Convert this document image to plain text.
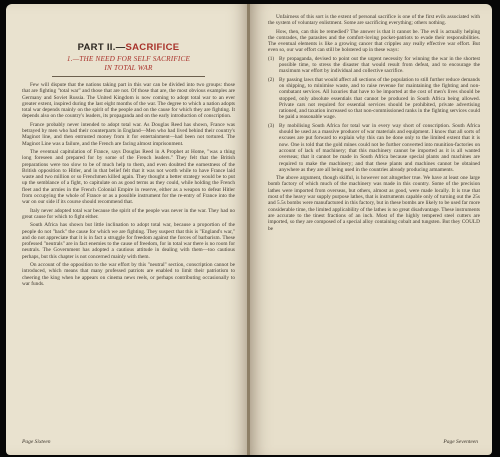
PART II.—SACRIFICE
1.—THE NEED FOR SELF SACRIFICE
IN TOTAL WAR

Few will dispute that the nations taking part in this war can be divided into two groups: those that are fighting "total war" and those that are not. Of those that are, the most obvious examples are Germany and Soviet Russia. The United Kingdom is now coming to adopt total war to an ever greater extent, inspired during the last eight months of the war. The degree to which a nation adopts total war depends mainly on the spirit of the people and on the cause for which they are fighting. It depends also on the country's leaders, its propaganda and on the early introduction of conscription.

France probably never intended to adopt total war. As Douglas Reed has shown, France was betrayed by men who had their counterparts in England—Men who had lived behind their country's Maginot line, and then entrusted money from it for entertainment—had been not tortured. The Maginot Line was a failure, and the French are facing almost imprisonment.

The eventual capitulation of France, says Douglas Reed in A Prophet at Home, "was a thing long foreseen and prepared for by some of the French leaders." They felt that the British preparations were too slow to be of much help to them, and even doubted the earnestness of the British opposition to Hitler, and in that belief felt that it was not worth while to have France laid waste and two million or so Frenchmen killed again. They thought a better strategy would be to put up the semblance of a fight, to capitulate on as good terms as they could, while holding the French fleet and the armies in the French Colonial Empire in reserve, either as a weapon to defeat Hitler from occupying the whole of France or as a possible instrument for the re-entry of France into the war on our side if its course should recommend that.

Italy never adopted total war because the spirit of the people was never in the war. They had no great cause for which to fight either.

South Africa has shown but little inclination to adopt total war, because a proportion of the people do not "back" the cause for which we are fighting. They suspect that this is "England's war," and do not appreciate that it is in fact a struggle for freedom against the forces of barbarism. These professed "neutrals" are in fact enemies to the cause of freedom, for in total war there is no room for neutrals. The Government has adopted a cautious attitude in dealing with them—too cautious perhaps, but this chapter is not concerned mainly with them.

On account of the opposition to the war effort by this "neutral" section, conscription cannot be introduced, which means that many professed patriots are enabled to limit their patriotism to cheering the king when he appears on cinema news reels, or perhaps contributing occasionally to war funds.

Page Sixteen

Unfairness of this sort is the extent of personal sacrifice is one of the first evils associated with the system of voluntary enlistment. Some are sacrificing everything; others nothing.

How, then, can this be remedied? The answer is that it cannot be. The evil is actually helping the comrades, the parasites and the comfort-loving pocket-patriots to evade their responsibilities. The eventual elements is like a growing cancer that cripples any really effective war effort. But even so, our war effort can still be bolstered up in these ways:

(1) By propaganda, devised to point out the urgent necessity for winning the war in the shortest possible time, to stress the disaster that would result from defeat, and to encourage the maximum war effort by individual and collective sacrifice.

(2) By passing laws that would affect all sections of the population to still further reduce demands on shipping, to minimise waste, and to raise revenue for maintaining the fighting and non-combatant services. All luxuries that have to be imported at the cost of men's lives should be stopped, only absolute essentials that cannot be produced in South Africa being allowed. Private cars not required for essential services should be prohibited, private advertising rationed, and taxation increased so that non-commissioned ranks in the fighting services could be paid a reasonable wage.

(3) By mobilising South Africa for total war in every way short of conscription. South Africa should be used as a massive producer of war materials and equipment. I know that all sorts of excuses are put forward to explain why this can be done only to the limited extent that it is now. One is told that the gold mines could not be further converted into munition-factories on account of lack of machinery; that this machinery cannot be imported as it is all wanted overseas; that it cannot be made in South Africa because special plants and machines are required to make the machinery; and that these plants and machines cannot be obtained anywhere as they are all being used in the countries already producing armaments.

The above argument, though skilful, is however not altogether true. We have at least one large bomb factory of which much of the machinery was made in this country. Some of the precision lathes were imported from overseas, but others, almost as good, were made locally. It is true that most of the heavy war supply purpose lathes, that is instruments capable only of turning out the 25s and 5.5s bombs were manufactured in this factory, but in these bombs are likely to be used far more considerable time, the limited applicability of the lathes is no great disadvantage. These instruments are accurate to the tinest fractions of an inch. Most of the highly tempered steel cutters are imported, so they are composed of a special alloy containing cobalt and tungsten. But they COULD be

Page Seventeen
